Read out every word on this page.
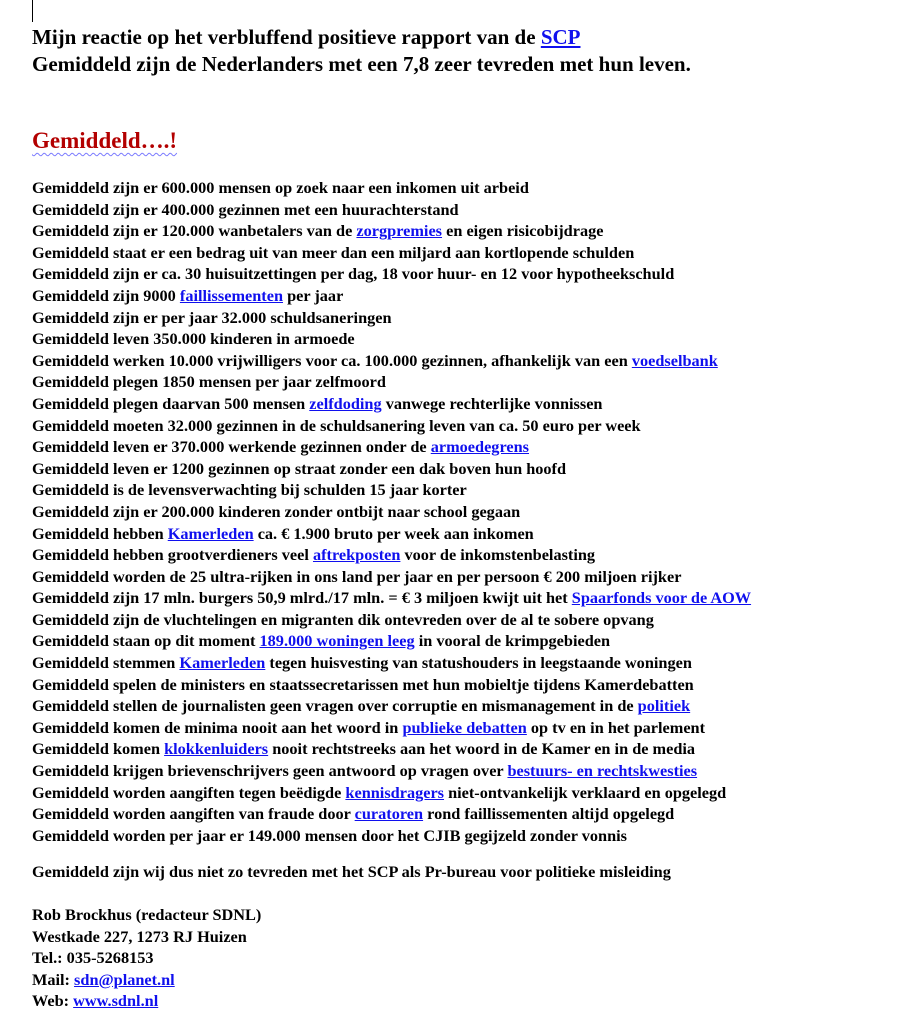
Mijn reactie op het verbluffend positieve rapport van de SCP
Gemiddeld zijn de Nederlanders met een 7,8 zeer tevreden met hun leven.
Gemiddeld….!
Gemiddeld zijn er 600.000 mensen op zoek naar een inkomen uit arbeid
Gemiddeld zijn er 400.000 gezinnen met een huurachterstand
Gemiddeld zijn er 120.000 wanbetalers van de zorgpremies en eigen risicobijdrage
Gemiddeld staat er een bedrag uit van meer dan een miljard aan kortlopende schulden
Gemiddeld zijn er ca. 30 huisuitzettingen per dag, 18 voor huur- en 12 voor hypotheekschuld
Gemiddeld zijn 9000 faillissementen per jaar
Gemiddeld zijn er per jaar 32.000 schuldsaneringen
Gemiddeld leven 350.000 kinderen in armoede
Gemiddeld werken 10.000 vrijwilligers voor ca. 100.000 gezinnen, afhankelijk van een voedselbank
Gemiddeld plegen 1850 mensen per jaar zelfmoord
Gemiddeld plegen daarvan 500 mensen zelfdoding vanwege rechterlijke vonnissen
Gemiddeld moeten 32.000 gezinnen in de schuldsanering leven van ca. 50 euro per week
Gemiddeld leven er 370.000 werkende gezinnen onder de armoedegrens
Gemiddeld leven er 1200 gezinnen op straat zonder een dak boven hun hoofd
Gemiddeld is de levensverwachting bij schulden 15 jaar korter
Gemiddeld zijn er 200.000 kinderen zonder ontbijt naar school gegaan
Gemiddeld hebben Kamerleden ca. € 1.900 bruto per week aan inkomen
Gemiddeld hebben grootverdieners veel aftrekposten voor de inkomstenbelasting
Gemiddeld worden de 25 ultra-rijken in ons land per jaar en per persoon € 200 miljoen rijker
Gemiddeld zijn 17 mln. burgers 50,9 mlrd./17 mln. = € 3 miljoen kwijt uit het Spaarfonds voor de AOW
Gemiddeld zijn de vluchtelingen en migranten dik ontevreden over de al te sobere opvang
Gemiddeld staan op dit moment 189.000 woningen leeg in vooral de krimpgebieden
Gemiddeld stemmen Kamerleden tegen huisvesting van statushouders in leegstaande woningen
Gemiddeld spelen de ministers en staatssecretarissen met hun mobieltje tijdens Kamerdebatten
Gemiddeld stellen de journalisten geen vragen over corruptie en mismanagement in de politiek
Gemiddeld komen de minima nooit aan het woord in publieke debatten op tv en in het parlement
Gemiddeld komen klokkenluiders nooit rechtstreeks aan het woord in de Kamer en in de media
Gemiddeld krijgen brievenschrijvers geen antwoord op vragen over bestuurs- en rechtskwesties
Gemiddeld worden aangiften tegen beëdigde kennisdragers niet-ontvankelijk verklaard en opgelegd
Gemiddeld worden aangiften van fraude door curatoren rond faillissementen altijd opgelegd
Gemiddeld worden per jaar er 149.000 mensen door het CJIB gegijzeld zonder vonnis
Gemiddeld zijn wij dus niet zo tevreden met het SCP als Pr-bureau voor politieke misleiding
Rob Brockhus (redacteur SDNL)
Westkade 227, 1273 RJ Huizen
Tel.: 035-5268153
Mail: sdn@planet.nl
Web: www.sdnl.nl
